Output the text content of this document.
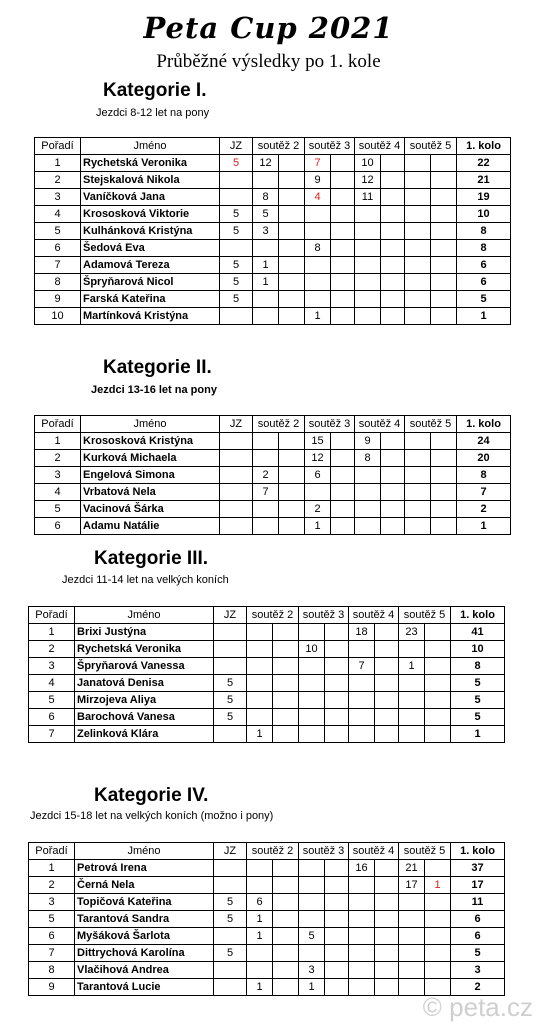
Peta Cup 2021
Průběžné výsledky po 1. kole
Kategorie I.
Jezdci 8-12 let na pony
Pořadí	Jméno	JZ	soutěž 2		soutěž 3		soutěž 4		soutěž 5		1. kolo
1	Rychetská Veronika	5	12		7		10				22
2	Stejskalová Nikola				9		12				21
3	Vaníčková Jana		8		4		11				19
4	Krososková Viktorie	5	5								10
5	Kulhánková Kristýna	5	3								8
6	Šedová Eva				8						8
7	Adamová Tereza	5	1								6
8	Špryňarová Nicol	5	1								6
9	Farská Kateřina	5									5
10	Martínková Kristýna				1						1
Kategorie II.
Jezdci 13-16 let na pony
Pořadí	Jméno	JZ	soutěž 2		soutěž 3		soutěž 4		soutěž 5		1. kolo
1	Krososková Kristýna				15		9				24
2	Kurková Michaela				12		8				20
3	Engelová Simona		2		6						8
4	Vrbatová Nela		7								7
5	Vacinová Šárka				2						2
6	Adamu Natálie				1						1
Kategorie III.
Jezdci 11-14 let na velkých koních
Pořadí	Jméno	JZ	soutěž 2		soutěž 3		soutěž 4		soutěž 5		1. kolo
1	Brixi Justýna						18		23		41
2	Rychetská Veronika				10						10
3	Špryňarová Vanessa						7		1		8
4	Janatová Denisa	5									5
5	Mirzojeva Aliya	5									5
6	Barochová Vanesa	5									5
7	Zelinková Klára		1								1
Kategorie IV.
Jezdci 15-18 let na velkých koních (možno i pony)
Pořadí	Jméno	JZ	soutěž 2		soutěž 3		soutěž 4		soutěž 5		1. kolo
1	Petrová Irena						16		21		37
2	Černá Nela								17	1	17
3	Topičová Kateřina	5	6								11
5	Tarantová Sandra	5	1								6
6	Myšáková Šarlota		1		5						6
7	Dittrychová Karolína	5									5
8	Vlačihová Andrea				3						3
9	Tarantová Lucie		1		1						2
© peta.cz
